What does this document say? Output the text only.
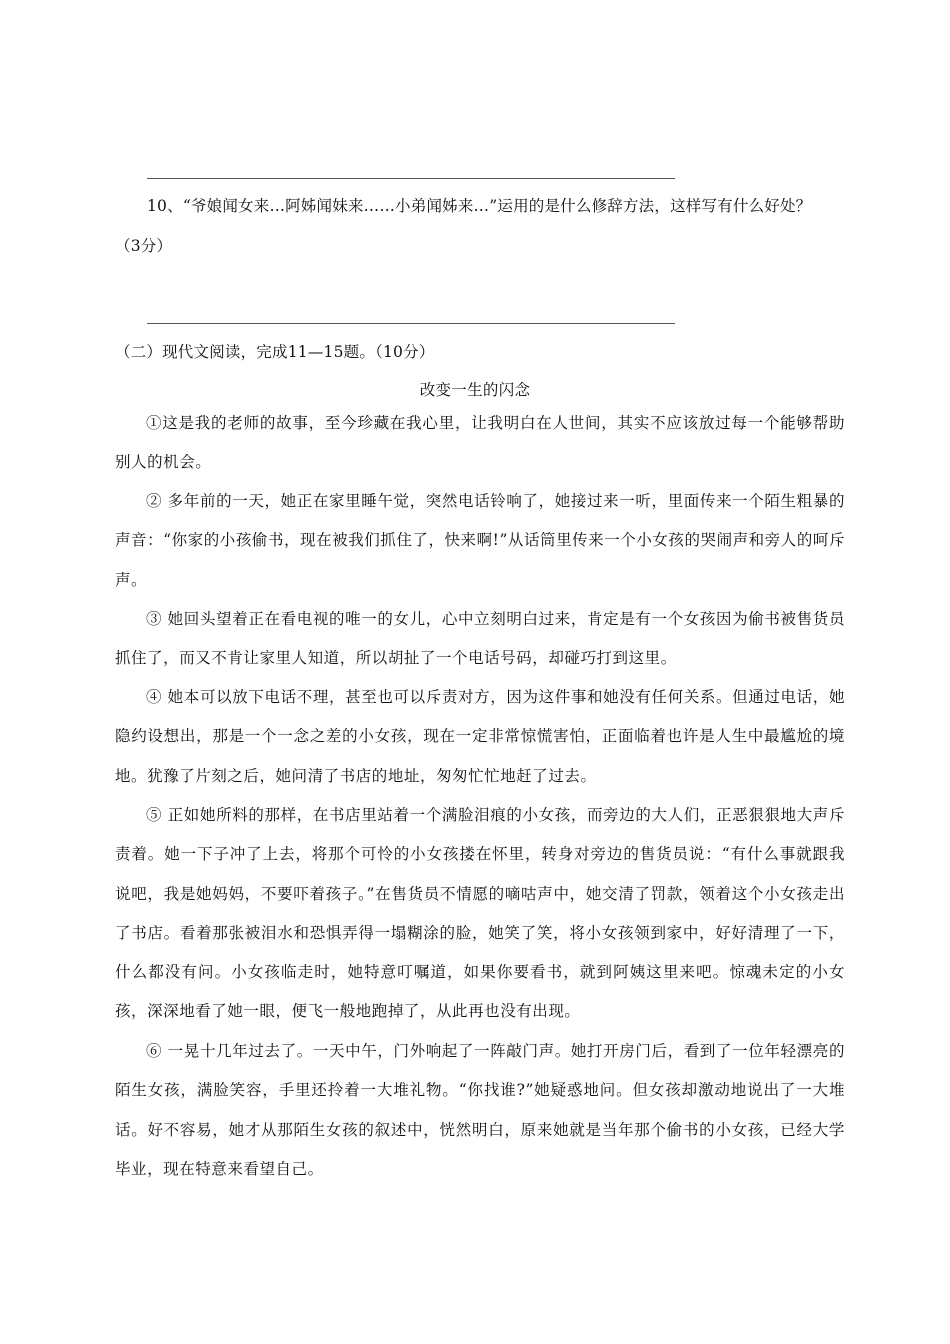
10、“爷娘闻女来…阿姊闻妹来……小弟闻姊来…”运用的是什么修辞方法，这样写有什么好处？
（3分）
（二）现代文阅读，完成11—15题。（10分）
改变一生的闪念
①这是我的老师的故事，至今珍藏在我心里，让我明白在人世间，其实不应该放过每一个能够帮助别人的机会。
② 多年前的一天，她正在家里睡午觉，突然电话铃响了，她接过来一听，里面传来一个陌生粗暴的声音：“你家的小孩偷书，现在被我们抓住了，快来啊!”从话筒里传来一个小女孩的哭闹声和旁人的呵斥声。
③ 她回头望着正在看电视的唯一的女儿，心中立刻明白过来，肯定是有一个女孩因为偷书被售货员抓住了，而又不肯让家里人知道，所以胡扯了一个电话号码，却碰巧打到这里。
④ 她本可以放下电话不理，甚至也可以斥责对方，因为这件事和她没有任何关系。但通过电话，她隐约设想出，那是一个一念之差的小女孩，现在一定非常惊慌害怕，正面临着也许是人生中最尴尬的境地。犹豫了片刻之后，她问清了书店的地址，匆匆忙忙地赶了过去。
⑤ 正如她所料的那样，在书店里站着一个满脸泪痕的小女孩，而旁边的大人们，正恶狠狠地大声斥责着。她一下子冲了上去，将那个可怜的小女孩搂在怀里，转身对旁边的售货员说：“有什么事就跟我说吧，我是她妈妈，不要吓着孩子。”在售货员不情愿的嘀咕声中，她交清了罚款，领着这个小女孩走出了书店。看着那张被泪水和恐惧弄得一塌糊涂的脸，她笑了笑，将小女孩领到家中，好好清理了一下，什么都没有问。小女孩临走时，她特意叮嘱道，如果你要看书，就到阿姨这里来吧。惊魂未定的小女孩，深深地看了她一眼，便飞一般地跑掉了，从此再也没有出现。
⑥ 一晃十几年过去了。一天中午，门外响起了一阵敲门声。她打开房门后，看到了一位年轻漂亮的陌生女孩，满脸笑容，手里还拎着一大堆礼物。“你找谁?”她疑惑地问。但女孩却激动地说出了一大堆话。好不容易，她才从那陌生女孩的叙述中，恍然明白，原来她就是当年那个偷书的小女孩，已经大学毕业，现在特意来看望自己。
